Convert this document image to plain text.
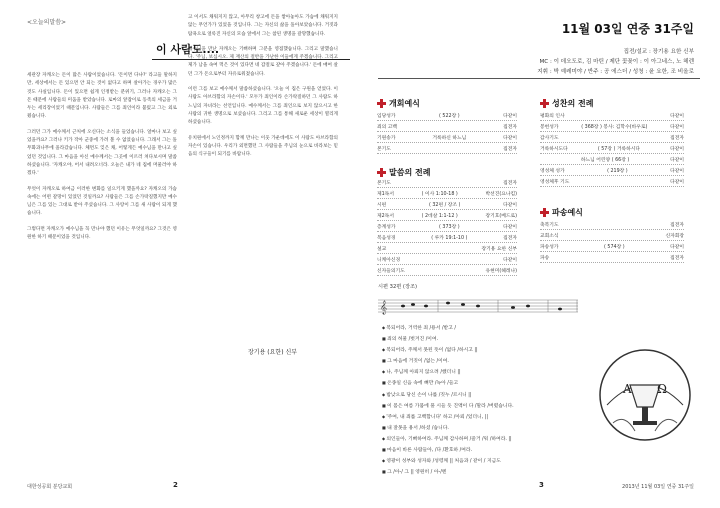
<오늘의말씀>
이 사람도....

세관장 자캐오는 돈이 많은 사람이었습니다. '돈이면 다냐?' 라고들 말하지만, 세상에서는 돈 있으면 안 되는 것이 없다고 하며 살아가는 경우가 많은 것도 사실입니다. 돈이 있으면 쉽게 인정받는 분위기, 그러나 자캐오는 그 돈 때문에 사람들의 미움을 받았습니다. 로마의 앞잡이로 동족의 세금을 거두는 세리장이었기 때문입니다. 사람들은 그를 죄인이라 불렀고 그는 외로웠습니다.

그러던 그가 예수께서 근처에 오신다는 소식을 들었습니다. 얼마나 보고 싶었을까요? 그러나 키가 작아 군중에 가려 볼 수 없었습니다. 그래서 그는 돌무화과나무에 올라갔습니다. 체면도 잊은 채, 어떻게든 예수님을 만나고 싶었던 것입니다. 그 마음을 아신 예수께서는 그곳에 이르러 쳐다보시며 말씀하셨습니다. '자캐오야, 어서 내려오너라. 오늘은 내가 네 집에 머물러야 하겠다.'

무엇이 자캐오로 하여금 이러한 변화를 일으키게 했을까요? 자캐오의 가슴 속에는 어떤 갈망이 있었던 것일까요? 사람들은 그를 손가락질했지만 예수님은 그를 있는 그대로 받아 주셨습니다. 그 사랑이 그를 새 사람이 되게 했습니다.

그렇다면 자캐오가 예수님을 꼭 만나야 했던 이유는 무엇일까요? 그것은 영원한 하기 때문이었을 것입니다.

고 이서도 채워지지 않고, 아무리 창고에 돈을 쌓아놓아도 가슴에 채워지지 않는 무언가가 있었을 것입니다. 그는 자신의 삶을 돌아보았습니다. 거짓과 탐욕으로 얼룩진 자신의 모습 앞에서 그는 참된 생명을 갈망했습니다.

예수님을 만난 자캐오는 기뻐하며 그분을 영접했습니다. 그리고 말했습니다. '주님, 보십시오. 제 재산의 절반을 가난한 이들에게 주겠습니다. 그리고 제가 남을 속여 먹은 것이 있다면 네 갑절로 갚아 주겠습니다.' 돈에 매여 살던 그가 돈으로부터 자유로워졌습니다.

이런 그를 보고 예수께서 말씀하셨습니다. '오늘 이 집은 구원을 얻었다. 이 사람도 아브라함의 자손이다.' 모두가 죄인이라 손가락질하던 그 사람도 하느님의 자녀라는 선언입니다. 예수께서는 그를 죄인으로 보지 않으시고 한 사람의 귀한 생명으로 보셨습니다. 그리고 그를 통해 새로운 세상이 열리게 하셨습니다.

유치원에서 노인정까지 함께 만나는 이웃 가운데에도 이 사람도 아브라함의 자손이 있습니다. 우리가 외면했던 그 사람들을 주님의 눈으로 바라보는 믿음의 식구들이 되기를 바랍니다.

장기용 (요한) 신부
대한성공회 분당교회	2
11월 03일 연중 31주일
집전/설교 : 장기용 요한 신부
MC : 이 데오도로, 김 마틴 / 제단 꽃꽂이 : 이 아그네스, 노 헤렌
지휘 : 박 예레미야 / 반주 : 공 에스더 / 성청 : 윤 요한, 조 비올로
개회예식
입당성가	( 522장 )	다같이
죄의 고백	집전자
기원송가	거룩하신 하느님	다같이
본기도	집전자
말씀의 전례
본기도	집전자
제1독서	( 이사 1:10-18 )	박선진(요나킴)
시편	( 32편 / 장조 )	다같이
제2독서	( 2데살 1:1-12 )	장기호(베드로)
층계성가	( 373장 )	다같이
복음성경	( 루카 19:1-10 )	집전자
설교	장기용 요한 신부
니케아신경	다같이
신자들의기도	유현미(헤레나)
성찬의 전례
평화의 인사	다같이
봉헌성가	( 368장 ) 봉사: 김학수(바우로)	다같이
감사기도	집전자
거룩하시도다	( 57장 ) 거룩하시다	다같이
하느님 어린양 ( 66장 )	다같이
영성체 성가	( 219장 )	다같이
영성체후 기도	다같이
파송예식
축복기도	집전자
교회소식	신자회장
파송성가	( 574장 )	다같이
파송	집전자
시편 32편 (장조)
𝄞
◆ 복되어라, 거역한 죄 /용서 /받고 /
■ 죄의 허물 /벗겨진 /이여.
◆ 복되어라, 주께서 못된 뜻이 /없다 /하시고 ||
■ 그 마음에 거짓이 /없는 /이여.
◆ 나, 주님께 아뢰지 않으려 /했더니 ||
■ 온종일 신음 속에 뼈만 /녹아 /들고
◆ 밤낮으로 당신 손이 나를 /짓누 /르시니 ||
■ 이 몸은 여름 가뭄에 풀 시들 듯 진액이 다 /말라 /버렸습니다.
◆ '주여, 내 죄를 고백합니다' 하고 /아뢰 /었더니, ||
■ 내 잘못을 용서 /하셨 /습니다.
◆ 의인들아, 기뻐하여라. 주님께 감사하며 /즐거 /워 /하여라. ||
■ 마음이 바른 사람들아, /다 /환호하 /여라.
◆ 영광이 성부와 성자와 /성령께 || 처음과 / 같이 / 지금도
■ 그 /아-/ 그 || 영원히 / 아-/멘
A Ω
3	2013년 11월 03일 연중 31주일
